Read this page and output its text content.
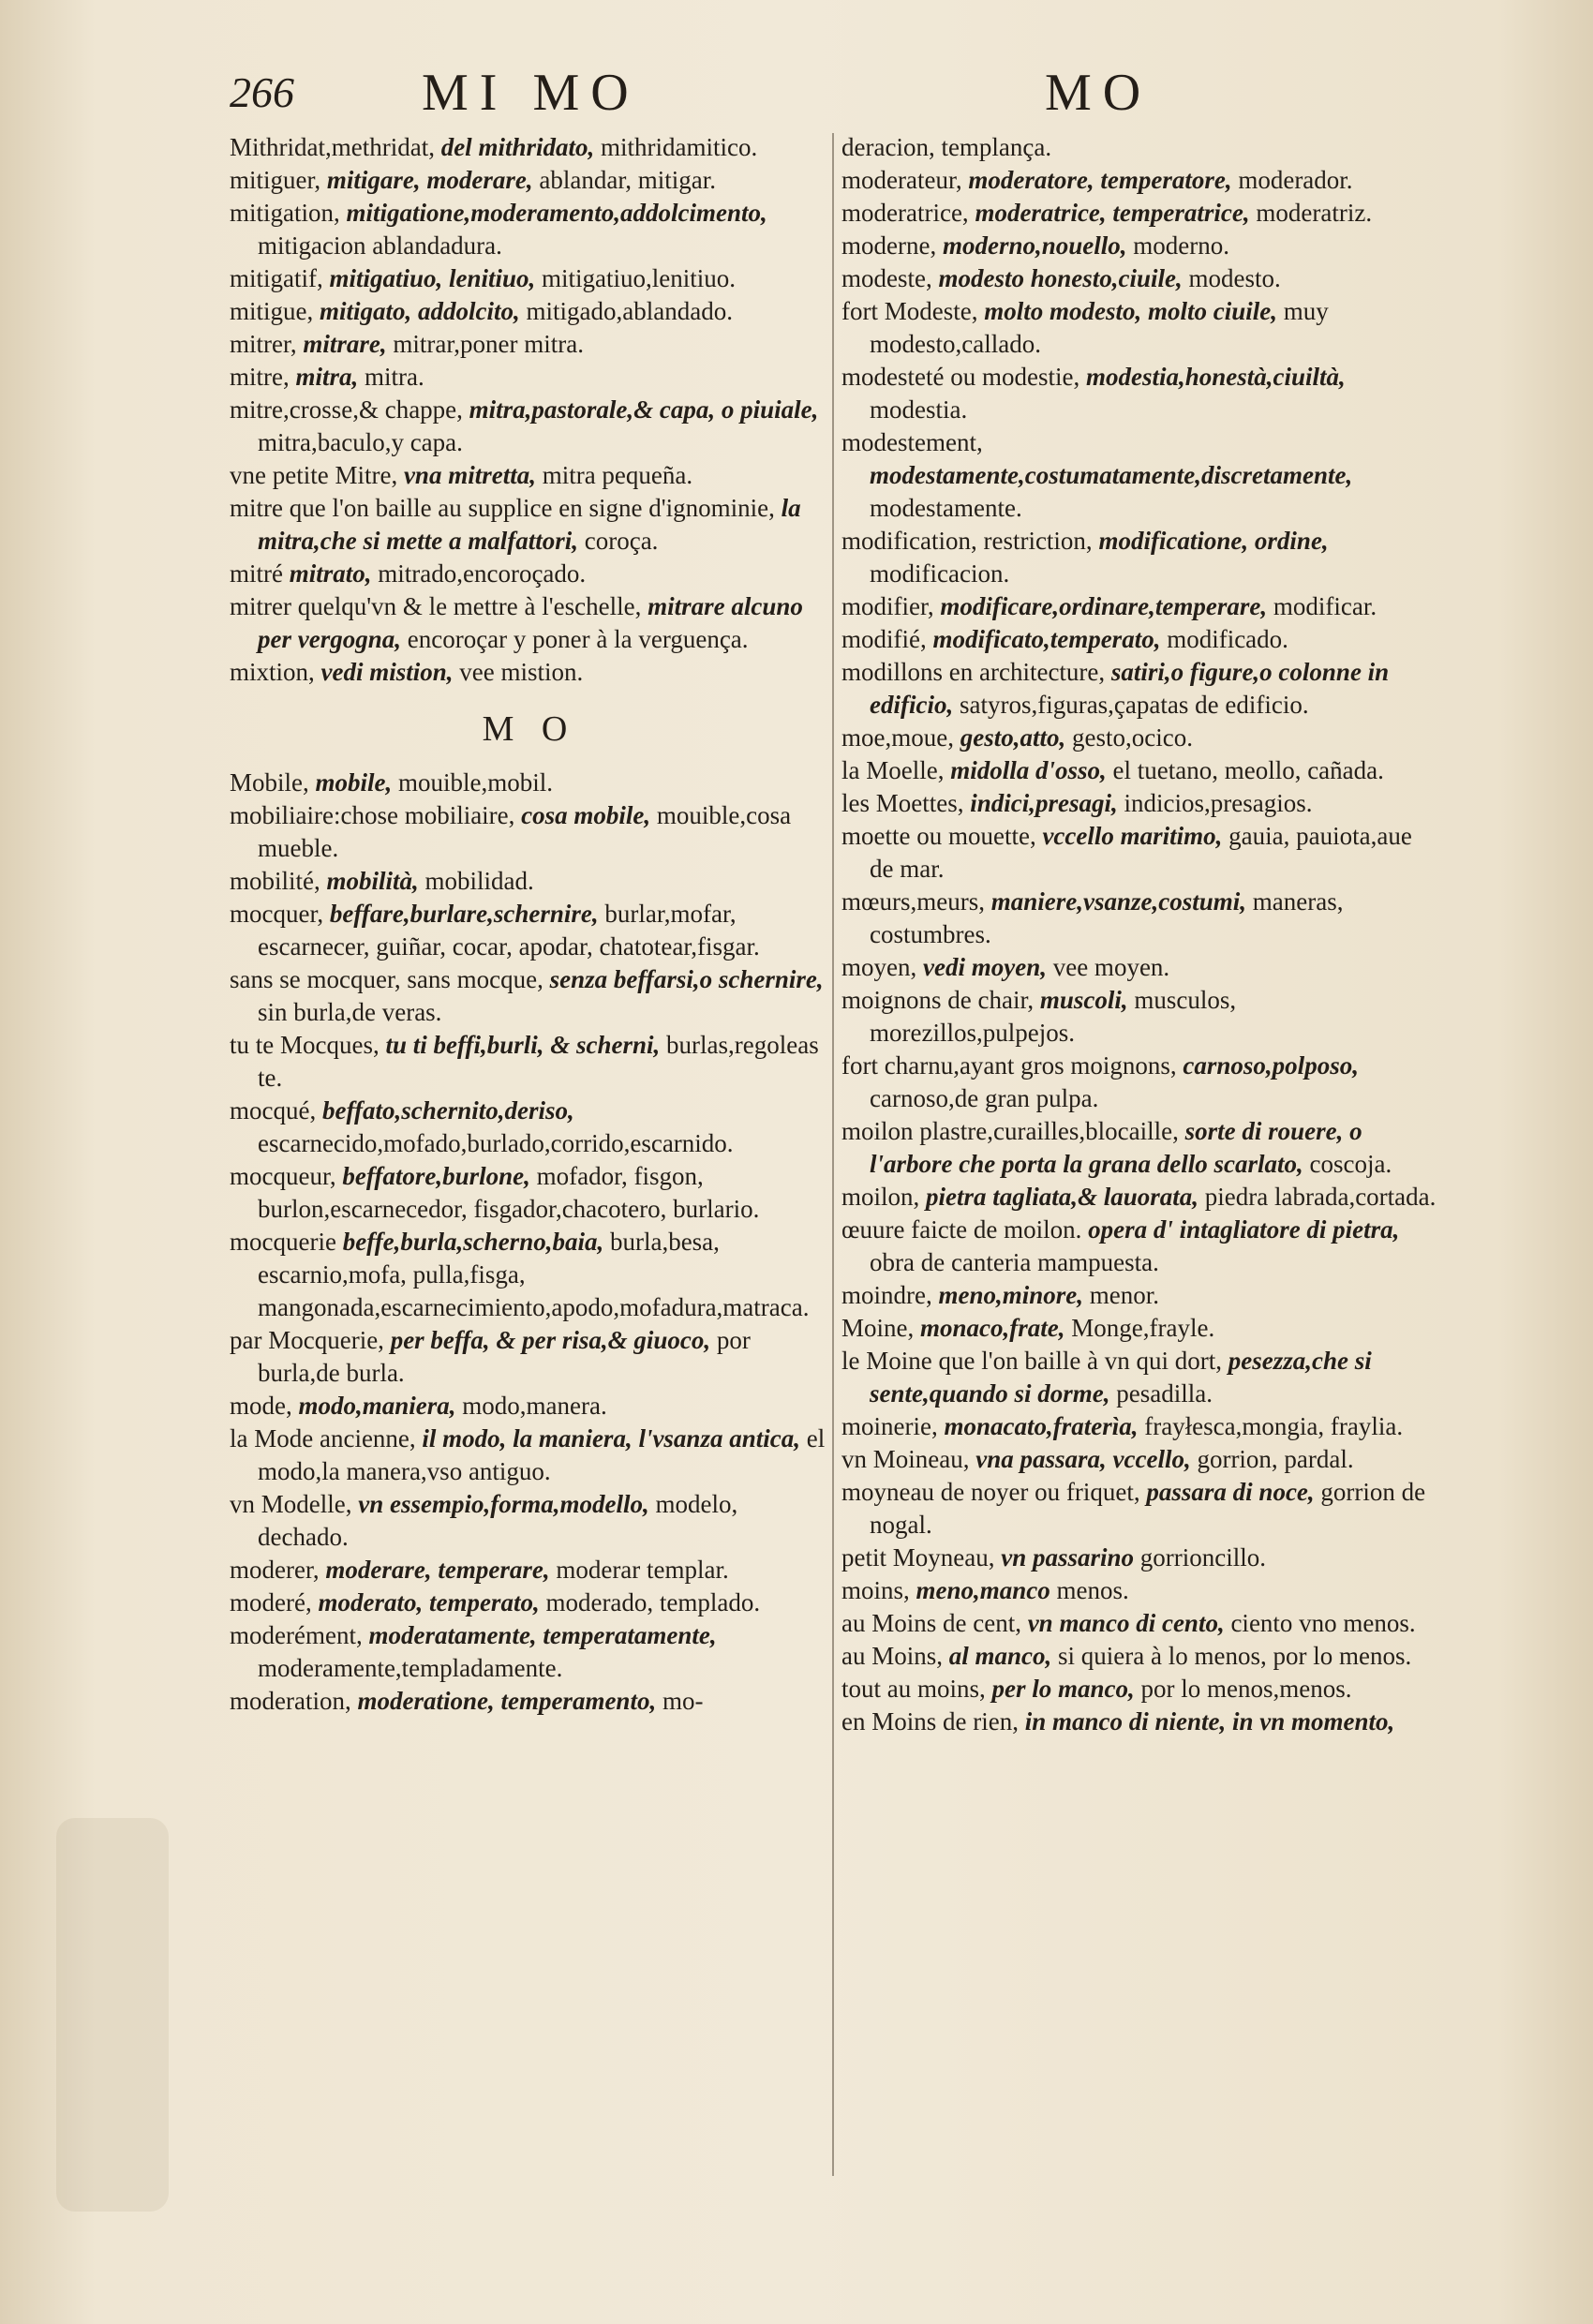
266 MI MO	MO

Mithridat,methridat, del mithridato, mithridamitico.

mitiguer, mitigare, moderare, ablandar, mitigar.

mitigation, mitigatione,moderamento,addolcimento, mitigacion ablandadura.

mitigatif, mitigatiuo, lenitiuo, mitigatiuo,lenitiuo.

mitigue, mitigato, addolcito, mitigado,ablandado.

mitrer, mitrare, mitrar,poner mitra.

mitre, mitra, mitra.

mitre,crosse,& chappe, mitra,pastorale,& capa, o piuiale, mitra,baculo,y capa.

vne petite Mitre, vna mitretta, mitra pequeña.

mitre que l'on baille au supplice en signe d'ignominie, la mitra,che si mette a malfattori, coroça.

mitré mitrato, mitrado,encoroçado.

mitrer quelqu'vn & le mettre à l'eschelle, mitrare alcuno per vergogna, encoroçar y poner à la verguença.

mixtion, vedi mistion, vee mistion.

M O

Mobile, mobile, mouible,mobil.

mobiliaire:chose mobiliaire, cosa mobile, mouible,cosa mueble.

mobilité, mobilità, mobilidad.

mocquer, beffare,burlare,schernire, burlar,mofar, escarnecer, guiñar, cocar, apodar, chatotear,fisgar.

sans se mocquer, sans mocque, senza beffarsi,o schernire, sin burla,de veras.

tu te Mocques, tu ti beffi,burli, & scherni, burlas,regoleas te.

mocqué, beffato,schernito,deriso, escarnecido,mofado,burlado,corrido,escarnido.

mocqueur, beffatore,burlone, mofador, fisgon, burlon,escarnecedor, fisgador,chacotero, burlario.

mocquerie beffe,burla,scherno,baia, burla,besa, escarnio,mofa, pulla,fisga, mangonada,escarnecimiento,apodo,mofadura,matraca.

par Mocquerie, per beffa, & per risa,& giuoco, por burla,de burla.

mode, modo,maniera, modo,manera.

la Mode ancienne, il modo, la maniera, l'vsanza antica, el modo,la manera,vso antiguo.

vn Modelle, vn essempio,forma,modello, modelo, dechado.

moderer, moderare, temperare, moderar templar.

moderé, moderato, temperato, moderado, templado.

moderément, moderatamente, temperatamente, moderamente,templadamente.

moderation, moderatione, temperamento, mo-

deracion, templança.

moderateur, moderatore, temperatore, moderador.

moderatrice, moderatrice, temperatrice, moderatriz.

moderne, moderno,nouello, moderno.

modeste, modesto honesto,ciuile, modesto.

fort Modeste, molto modesto, molto ciuile, muy modesto,callado.

modesteté ou modestie, modestia,honestà,ciuiltà, modestia.

modestement, modestamente,costumatamente,discretamente, modestamente.

modification, restriction, modificatione, ordine, modificacion.

modifier, modificare,ordinare,temperare, modificar.

modifié, modificato,temperato, modificado.

modillons en architecture, satiri,o figure,o colonne in edificio, satyros,figuras,çapatas de edificio.

moe,moue, gesto,atto, gesto,ocico.

la Moelle, midolla d'osso, el tuetano, meollo, cañada.

les Moettes, indici,presagi, indicios,presagios.

moette ou mouette, vccello maritimo, gauia, pauiota,aue de mar.

mœurs,meurs, maniere,vsanze,costumi, maneras, costumbres.

moyen, vedi moyen, vee moyen.

moignons de chair, muscoli, musculos, morezillos,pulpejos.

fort charnu,ayant gros moignons, carnoso,polposo, carnoso,de gran pulpa.

moilon plastre,curailles,blocaille, sorte di rouere, o l'arbore che porta la grana dello scarlato, coscoja.

moilon, pietra tagliata,& lauorata, piedra labrada,cortada.

œuure faicte de moilon. opera d' intagliatore di pietra, obra de canteria mampuesta.

moindre, meno,minore, menor.

Moine, monaco,frate, Monge,frayle.

le Moine que l'on baille à vn qui dort, pesezza,che si sente,quando si dorme, pesadilla.

moinerie, monacato,fraterìa, frayłesca,mongia, fraylia.

vn Moineau, vna passara, vccello, gorrion, pardal.

moyneau de noyer ou friquet, passara di noce, gorrion de nogal.

petit Moyneau, vn passarino gorrioncillo.

moins, meno,manco menos.

au Moins de cent, vn manco di cento, ciento vno menos.

au Moins, al manco, si quiera à lo menos, por lo menos.

tout au moins, per lo manco, por lo menos,menos.

en Moins de rien, in manco di niente, in vn momento,
